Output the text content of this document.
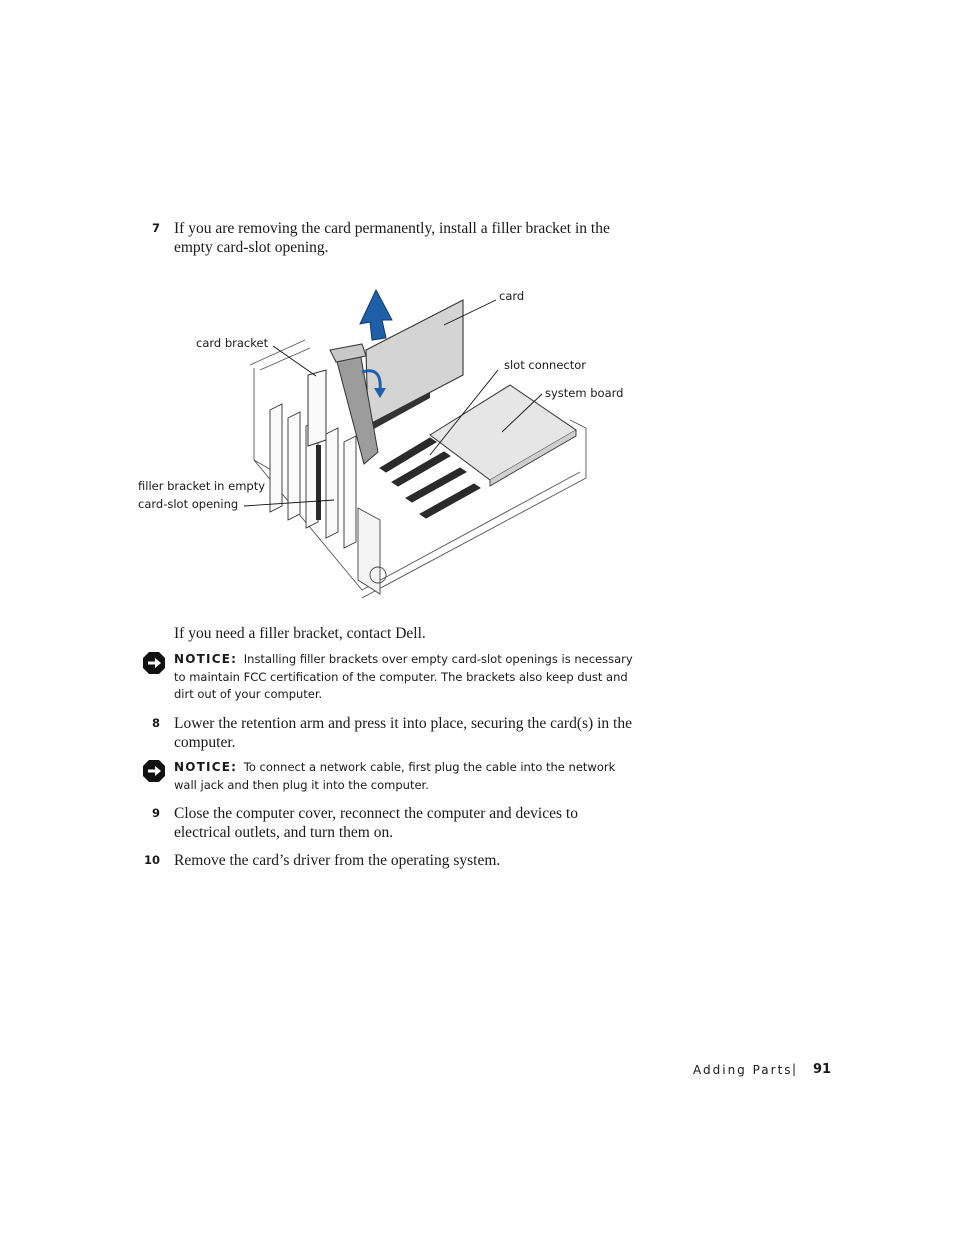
7 If you are removing the card permanently, install a filler bracket in the empty card-slot opening.
card
card bracket
slot connector
system board
filler bracket in empty
card-slot opening
If you need a filler bracket, contact Dell.
NOTICE: Installing filler brackets over empty card-slot openings is necessary to maintain FCC certification of the computer. The brackets also keep dust and dirt out of your computer.
8 Lower the retention arm and press it into place, securing the card(s) in the computer.
NOTICE: To connect a network cable, first plug the cable into the network wall jack and then plug it into the computer.
9 Close the computer cover, reconnect the computer and devices to electrical outlets, and turn them on.
10 Remove the card’s driver from the operating system.
Adding Parts | 91
